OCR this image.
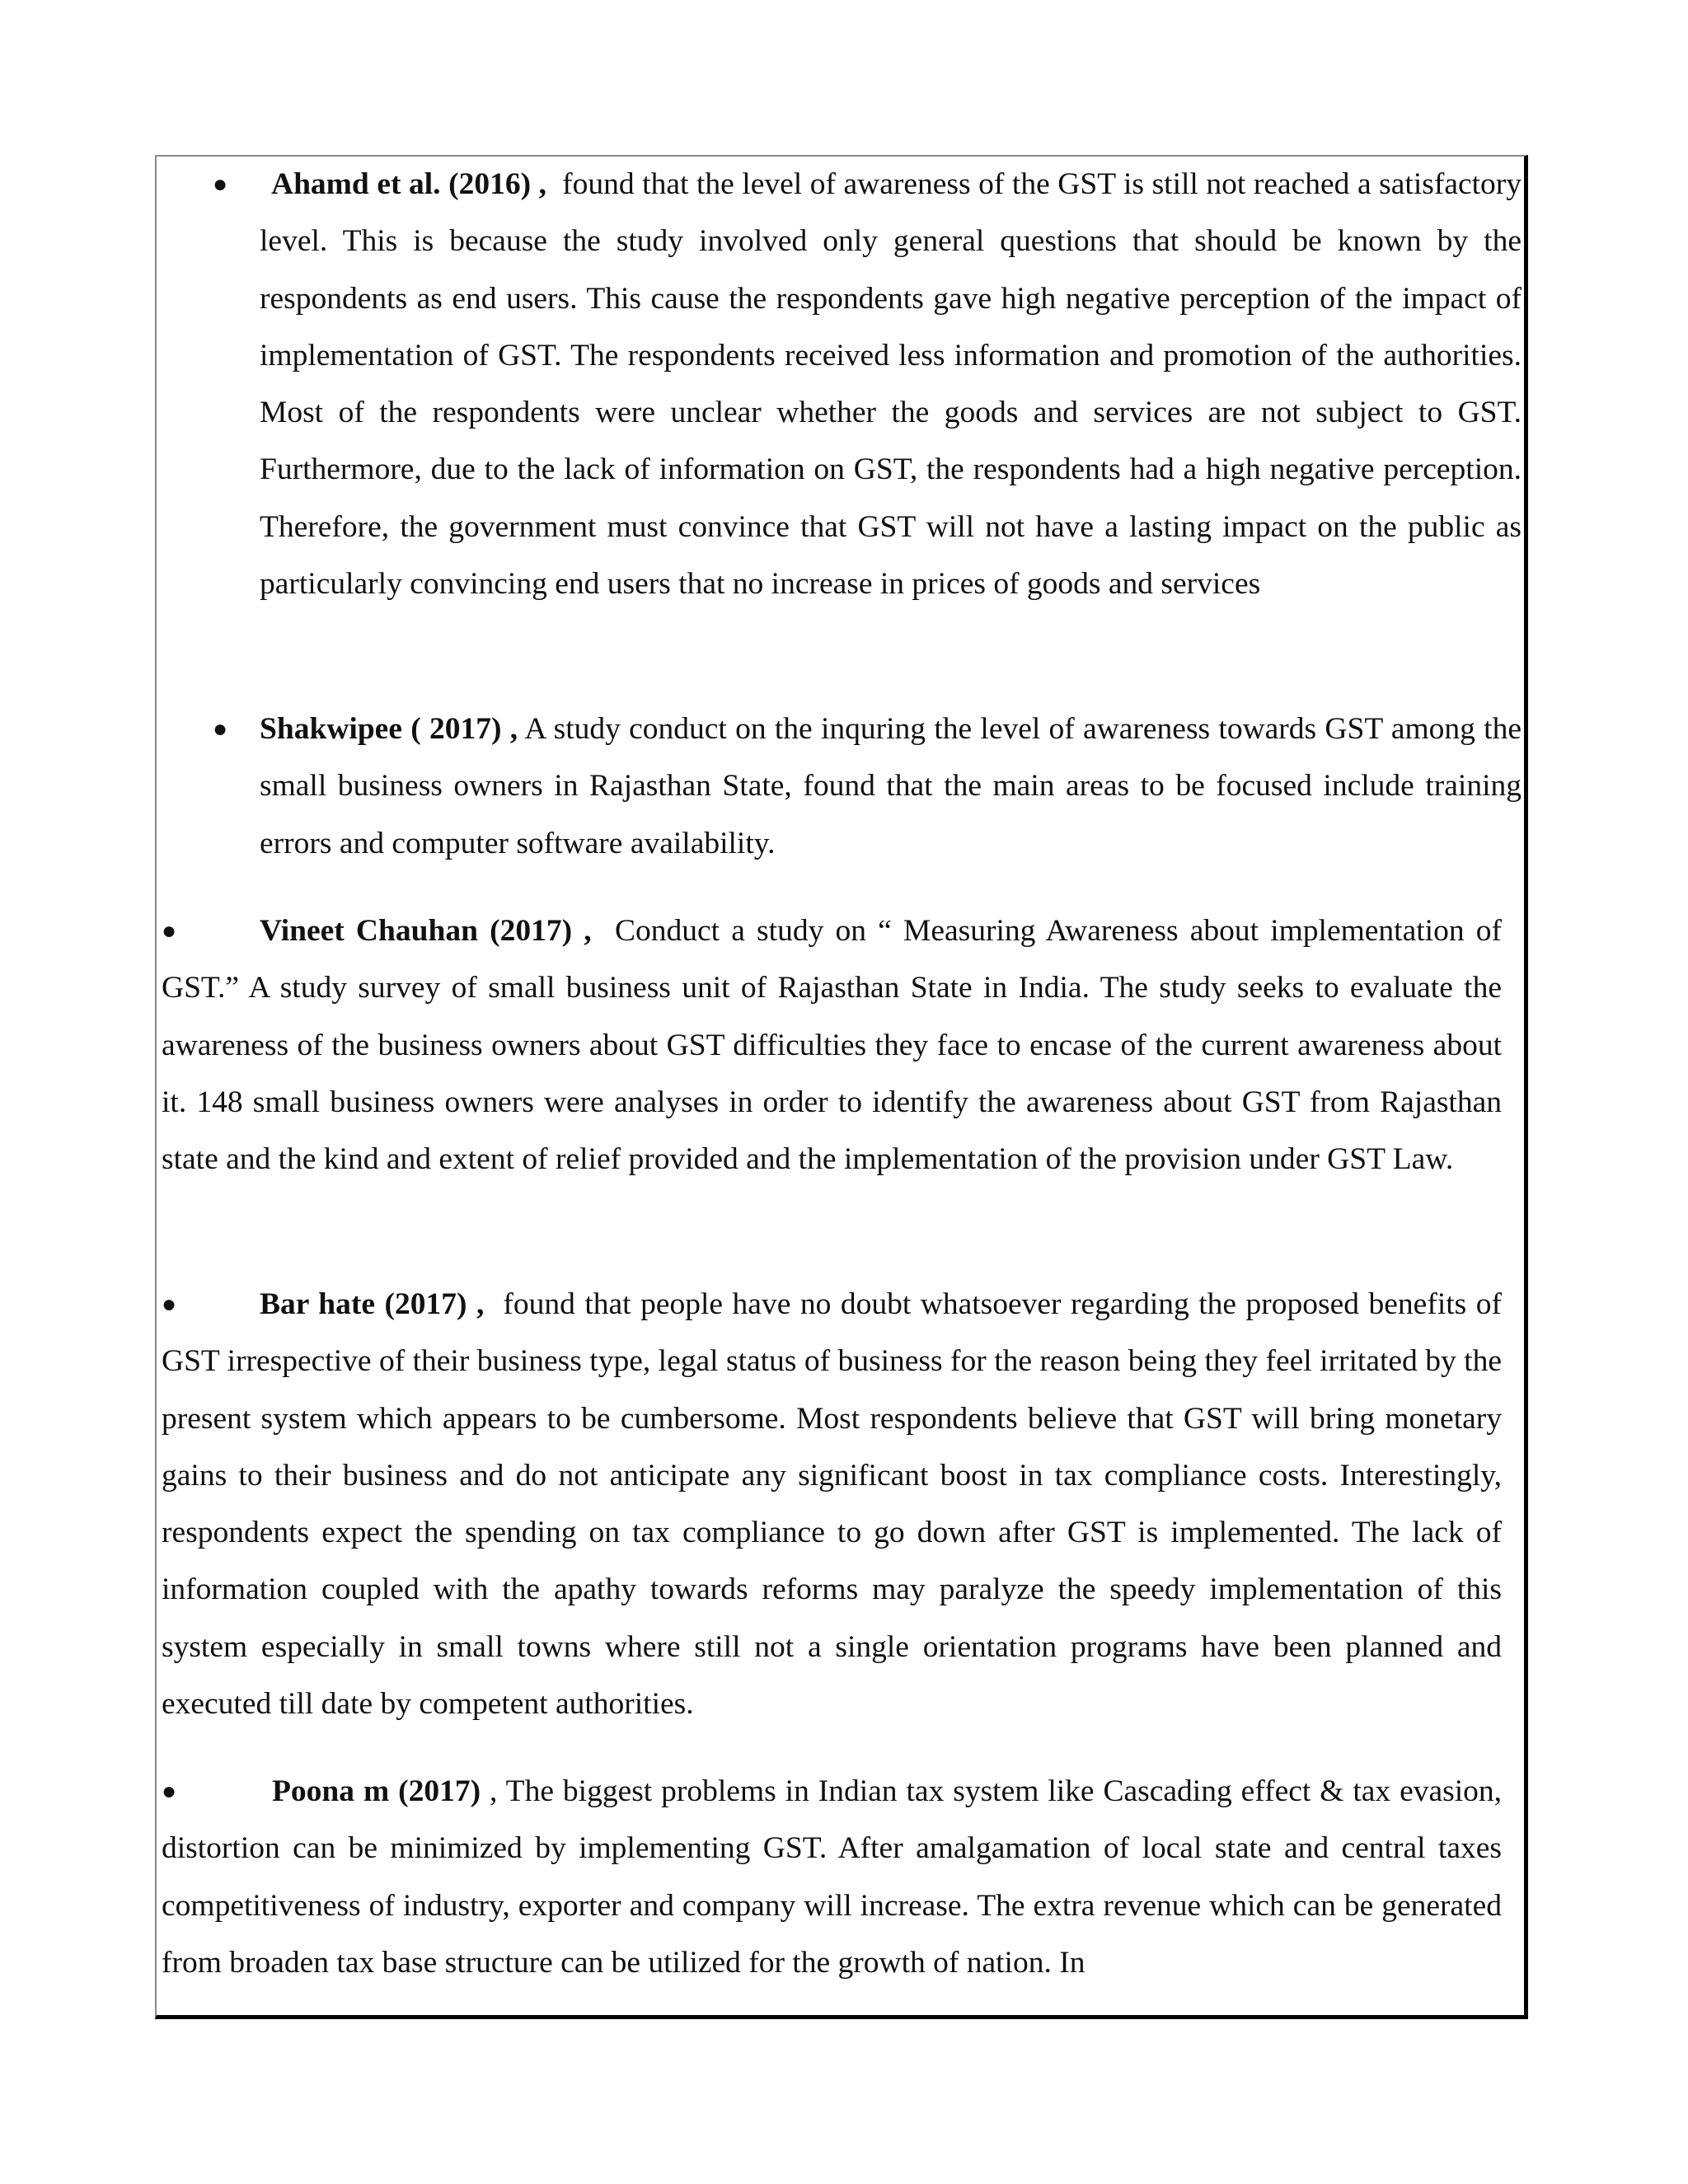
●	Ahamd et al. (2016) , found that the level of awareness of the GST is still not reached a satisfactory level. This is because the study involved only general questions that should be known by the respondents as end users. This cause the respondents gave high negative perception of the impact of implementation of GST. The respondents received less information and promotion of the authorities. Most of the respondents were unclear whether the goods and services are not subject to GST. Furthermore, due to the lack of information on GST, the respondents had a high negative perception. Therefore, the government must convince that GST will not have a lasting impact on the public as particularly convincing end users that no increase in prices of goods and services
● Shakwipee ( 2017) , A study conduct on the inquring the level of awareness towards GST among the small business owners in Rajasthan State, found that the main areas to be focused include training errors and computer software availability.
●	Vineet Chauhan (2017) , Conduct a study on “ Measuring Awareness about implementation of GST.” A study survey of small business unit of Rajasthan State in India. The study seeks to evaluate the awareness of the business owners about GST difficulties they face to encase of the current awareness about it. 148 small business owners were analyses in order to identify the awareness about GST from Rajasthan state and the kind and extent of relief provided and the implementation of the provision under GST Law.
●	Bar hate (2017) , found that people have no doubt whatsoever regarding the proposed benefits of GST irrespective of their business type, legal status of business for the reason being they feel irritated by the present system which appears to be cumbersome. Most respondents believe that GST will bring monetary gains to their business and do not anticipate any significant boost in tax compliance costs. Interestingly, respondents expect the spending on tax compliance to go down after GST is implemented. The lack of information coupled with the apathy towards reforms may paralyze the speedy implementation of this system especially in small towns where still not a single orientation programs have been planned and executed till date by competent authorities.
●	Poona m (2017) , The biggest problems in Indian tax system like Cascading effect & tax evasion, distortion can be minimized by implementing GST. After amalgamation of local state and central taxes competitiveness of industry, exporter and company will increase. The extra revenue which can be generated from broaden tax base structure can be utilized for the growth of nation. In
